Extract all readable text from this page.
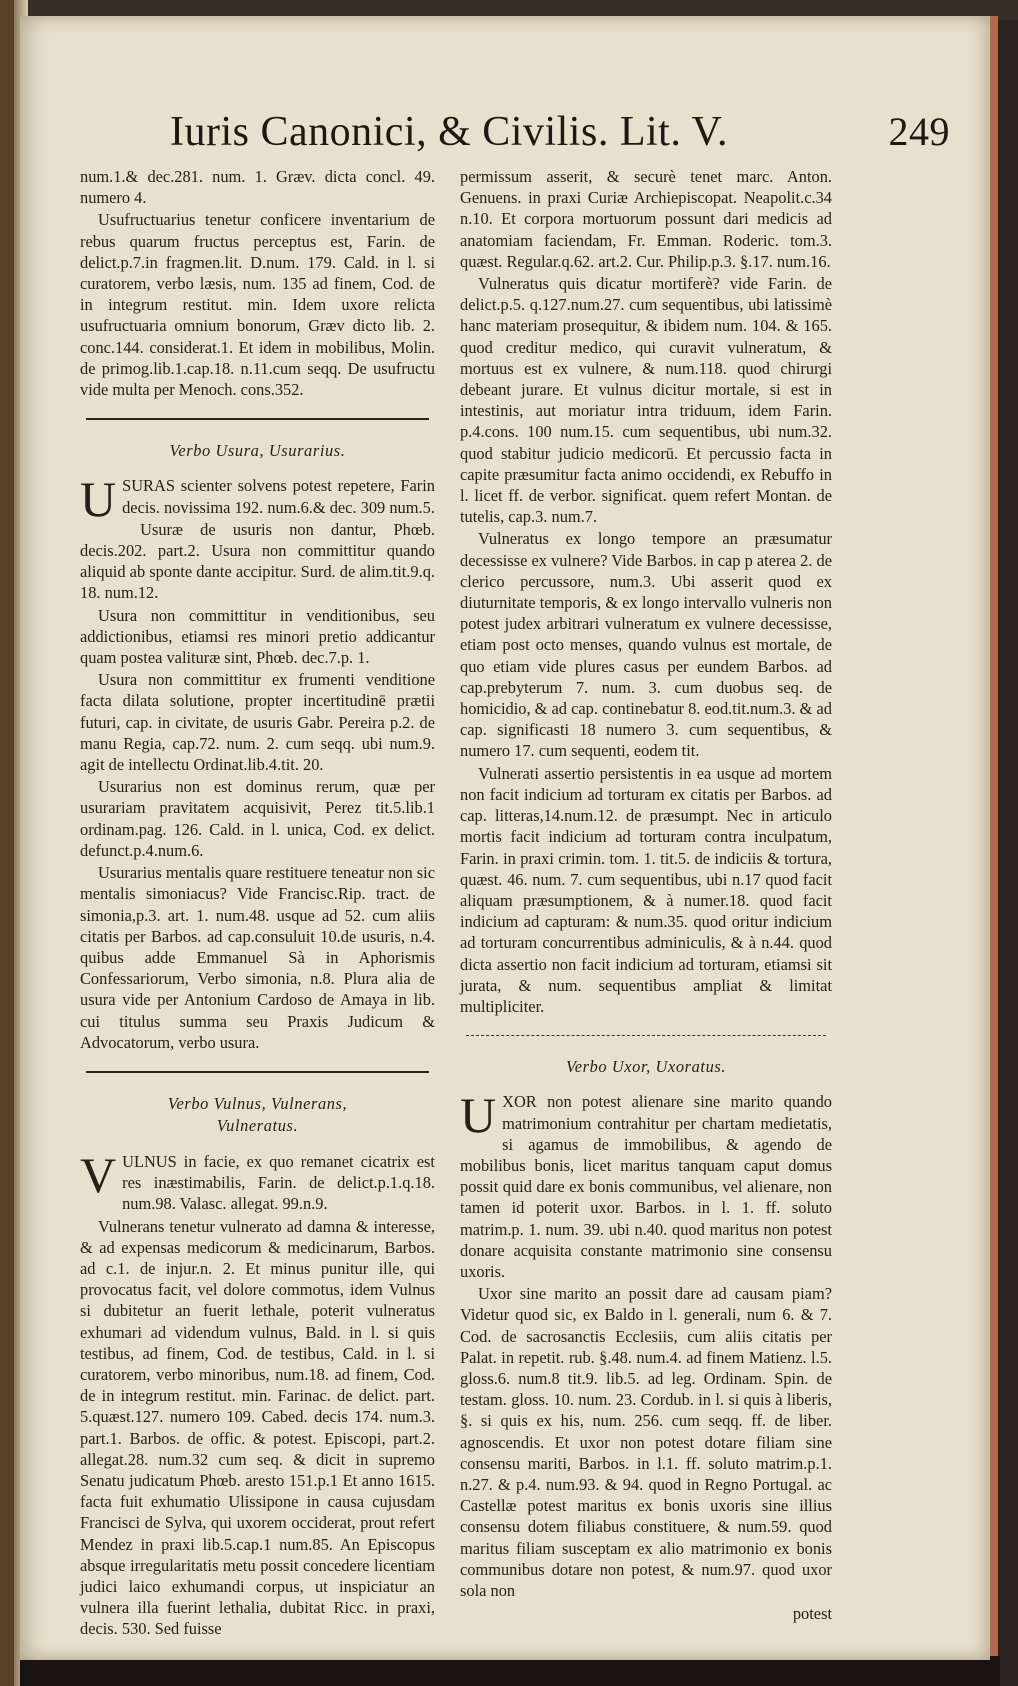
Iuris Canonici, & Civilis. Lit. V.	249

num.1.& dec.281. num. 1. Græv. dicta concl. 49. numero 4.

Usufructuarius tenetur conficere inventarium de rebus quarum fructus perceptus est, Farin. de delict.p.7.in fragmen.lit. D.num. 179. Cald. in l. si curatorem, verbo læsis, num. 135 ad finem, Cod. de in integrum restitut. min. Idem uxore relicta usufructuaria omnium bonorum, Græv dicto lib. 2. conc.144. considerat.1. Et idem in mobilibus, Molin. de primog.lib.1.cap.18. n.11.cum seqq. De usufructu vide multa per Menoch. cons.352.

Verbo Usura, Usurarius.
U SURAS scienter solvens potest repetere, Farin decis. novissima 192. num.6.& dec. 309 num.5.

Usuræ de usuris non dantur, Phœb. decis.202. part.2. Usura non committitur quando aliquid ab sponte dante accipitur. Surd. de alim.tit.9.q. 18. num.12.

Usura non committitur in venditionibus, seu addictionibus, etiamsi res minori pretio addicantur quam postea valituræ sint, Phœb. dec.7.p. 1.

Usura non committitur ex frumenti venditione facta dilata solutione, propter incertitudinē prætii futuri, cap. in civitate, de usuris Gabr. Pereira p.2. de manu Regia, cap.72. num. 2. cum seqq. ubi num.9. agit de intellectu Ordinat.lib.4.tit. 20.

Usurarius non est dominus rerum, quæ per usurariam pravitatem acquisivit, Perez tit.5.lib.1 ordinam.pag. 126. Cald. in l. unica, Cod. ex delict. defunct.p.4.num.6.

Usurarius mentalis quare restituere teneatur non sic mentalis simoniacus? Vide Francisc.Rip. tract. de simonia,p.3. art. 1. num.48. usque ad 52. cum aliis citatis per Barbos. ad cap.consuluit 10.de usuris, n.4. quibus adde Emmanuel Sà in Aphorismis Confessariorum, Verbo simonia, n.8. Plura alia de usura vide per Antonium Cardoso de Amaya in lib. cui titulus summa seu Praxis Judicum & Advocatorum, verbo usura.

Verbo Vulnus, Vulnerans,
Vulneratus.
V ULNUS in facie, ex quo remanet cicatrix est res inæstimabilis, Farin. de delict.p.1.q.18. num.98. Valasc. allegat. 99.n.9.

Vulnerans tenetur vulnerato ad damna & interesse, & ad expensas medicorum & medicinarum, Barbos. ad c.1. de injur.n. 2. Et minus punitur ille, qui provocatus facit, vel dolore commotus, idem Vulnus si dubitetur an fuerit lethale, poterit vulneratus exhumari ad videndum vulnus, Bald. in l. si quis testibus, ad finem, Cod. de testibus, Cald. in l. si curatorem, verbo minoribus, num.18. ad finem, Cod. de in integrum restitut. min. Farinac. de delict. part. 5.quæst.127. numero 109. Cabed. decis 174. num.3. part.1. Barbos. de offic. & potest. Episcopi, part.2. allegat.28. num.32 cum seq. & dicit in supremo Senatu judicatum Phœb. aresto 151.p.1 Et anno 1615. facta fuit exhumatio Ulissipone in causa cujusdam Francisci de Sylva, qui uxorem occiderat, prout refert Mendez in praxi lib.5.cap.1 num.85. An Episcopus absque irregularitatis metu possit concedere licentiam judici laico exhumandi corpus, ut inspiciatur an vulnera illa fuerint lethalia, dubitat Ricc. in praxi, decis. 530. Sed fuisse

permissum asserit, & securè tenet marc. Anton. Genuens. in praxi Curiæ Archiepiscopat. Neapolit.c.34 n.10. Et corpora mortuorum possunt dari medicis ad anatomiam faciendam, Fr. Emman. Roderic. tom.3. quæst. Regular.q.62. art.2. Cur. Philip.p.3. §.17. num.16.

Vulneratus quis dicatur mortiferè? vide Farin. de delict.p.5. q.127.num.27. cum sequentibus, ubi latissimè hanc materiam prosequitur, & ibidem num. 104. & 165. quod creditur medico, qui curavit vulneratum, & mortuus est ex vulnere, & num.118. quod chirurgi debeant jurare. Et vulnus dicitur mortale, si est in intestinis, aut moriatur intra triduum, idem Farin. p.4.cons. 100 num.15. cum sequentibus, ubi num.32. quod stabitur judicio medicorū. Et percussio facta in capite præsumitur facta animo occidendi, ex Rebuffo in l. licet ff. de verbor. significat. quem refert Montan. de tutelis, cap.3. num.7.

Vulneratus ex longo tempore an præsumatur decessisse ex vulnere? Vide Barbos. in cap p aterea 2. de clerico percussore, num.3. Ubi asserit quod ex diuturnitate temporis, & ex longo intervallo vulneris non potest judex arbitrari vulneratum ex vulnere decessisse, etiam post octo menses, quando vulnus est mortale, de quo etiam vide plures casus per eundem Barbos. ad cap.prebyterum 7. num. 3. cum duobus seq. de homicidio, & ad cap. continebatur 8. eod.tit.num.3. & ad cap. significasti 18 numero 3. cum sequentibus, & numero 17. cum sequenti, eodem tit.

Vulnerati assertio persistentis in ea usque ad mortem non facit indicium ad torturam ex citatis per Barbos. ad cap. litteras,14.num.12. de præsumpt. Nec in articulo mortis facit indicium ad torturam contra inculpatum, Farin. in praxi crimin. tom. 1. tit.5. de indiciis & tortura, quæst. 46. num. 7. cum sequentibus, ubi n.17 quod facit aliquam præsumptionem, & à numer.18. quod facit indicium ad capturam: & num.35. quod oritur indicium ad torturam concurrentibus adminiculis, & à n.44. quod dicta assertio non facit indicium ad torturam, etiamsi sit jurata, & num. sequentibus ampliat & limitat multipliciter.

Verbo Uxor, Uxoratus.
U XOR non potest alienare sine marito quando matrimonium contrahitur per chartam medietatis, si agamus de immobilibus, & agendo de mobilibus bonis, licet maritus tanquam caput domus possit quid dare ex bonis communibus, vel alienare, non tamen id poterit uxor. Barbos. in l. 1. ff. soluto matrim.p. 1. num. 39. ubi n.40. quod maritus non potest donare acquisita constante matrimonio sine consensu uxoris.

Uxor sine marito an possit dare ad causam piam? Videtur quod sic, ex Baldo in l. generali, num 6. & 7. Cod. de sacrosanctis Ecclesiis, cum aliis citatis per Palat. in repetit. rub. §.48. num.4. ad finem Matienz. l.5. gloss.6. num.8 tit.9. lib.5. ad leg. Ordinam. Spin. de testam. gloss. 10. num. 23. Cordub. in l. si quis à liberis, §. si quis ex his, num. 256. cum seqq. ff. de liber. agnoscendis. Et uxor non potest dotare filiam sine consensu mariti, Barbos. in l.1. ff. soluto matrim.p.1. n.27. & p.4. num.93. & 94. quod in Regno Portugal. ac Castellæ potest maritus ex bonis uxoris sine illius consensu dotem filiabus constituere, & num.59. quod maritus filiam susceptam ex alio matrimonio ex bonis communibus dotare non potest, & num.97. quod uxor sola non

potest
